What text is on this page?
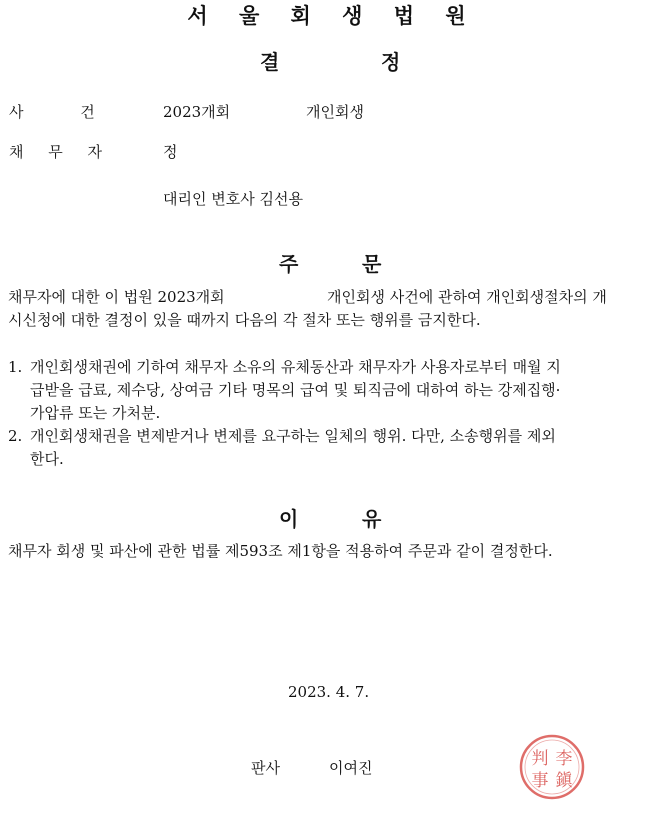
서 울 회 생 법 원
결	정
사 건	2023개회	개인회생
채 무 자	정
대리인 변호사 김선용
주	문
채무자에 대한 이 법원 2023개회	개인회생 사건에 관하여 개인회생절차의 개
시신청에 대한 결정이 있을 때까지 다음의 각 절차 또는 행위를 금지한다.
1. 개인회생채권에 기하여 채무자 소유의 유체동산과 채무자가 사용자로부터 매월 지
급받을 급료, 제수당, 상여금 기타 명목의 급여 및 퇴직금에 대하여 하는 강제집행·
가압류 또는 가처분.
2. 개인회생채권을 변제받거나 변제를 요구하는 일체의 행위. 다만, 소송행위를 제외
한다.
이	유
채무자 회생 및 파산에 관한 법률 제593조 제1항을 적용하여 주문과 같이 결정한다.
2023. 4. 7.
판사	이여진	李
鎭
判
事
